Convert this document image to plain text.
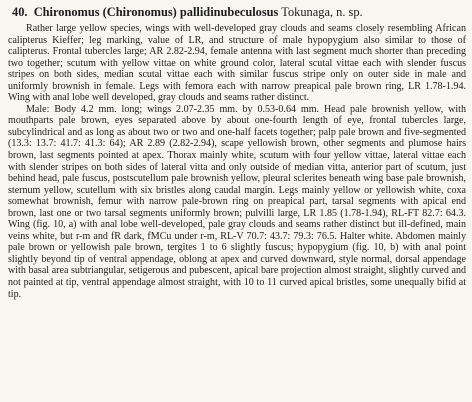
40. Chironomus (Chironomus) pallidinubeculosus Tokunaga, n. sp.

Rather large yellow species, wings with well-developed gray clouds and seams closely resembling African calipterus Kieffer; leg marking, value of LR, and structure of male hypopygium also similar to those of calipterus. Frontal tubercles large; AR 2.82-2.94, female antenna with last segment much shorter than preceding two together; scutum with yellow vittae on white ground color, lateral scutal vittae each with slender fuscus stripes on both sides, median scutal vittae each with similar fuscus stripe only on outer side in male and uniformly brownish in female. Legs with femora each with narrow preapical pale brown ring, LR 1.78-1.94. Wing with anal lobe well developed, gray clouds and seams rather distinct.

Male: Body 4.2 mm. long; wings 2.07-2.35 mm. by 0.53-0.64 mm. Head pale brownish yellow, with mouthparts pale brown, eyes separated above by about one-fourth length of eye, frontal tubercles large, subcylindrical and as long as about two or two and one-half facets together; palp pale brown and five-segmented (13.3: 13.7: 41.7: 41.3: 64); AR 2.89 (2.82-2.94), scape yellowish brown, other segments and plumose hairs brown, last segments pointed at apex. Thorax mainly white, scutum with four yellow vittae, lateral vittae each with slender stripes on both sides of lateral vitta and only outside of median vitta, anterior part of scutum, just behind head, pale fuscus, postscutellum pale brownish yellow, pleural sclerites beneath wing base pale brownish, sternum yellow, scutellum with six bristles along caudal margin. Legs mainly yellow or yellowish white, coxa somewhat brownish, femur with narrow pale-brown ring on preapical part, tarsal segments with apical end brown, last one or two tarsal segments uniformly brown; pulvilli large, LR 1.85 (1.78-1.94), RL-FT 82.7: 64.3. Wing (fig. 10, a) with anal lobe well-developed, pale gray clouds and seams rather distinct but ill-defined, main veins white, but r-m and fR dark, fMCu under r-m, RL-V 70.7: 43.7: 79.3: 76.5. Halter white. Abdomen mainly pale brown or yellowish pale brown, tergites 1 to 6 slightly fuscus; hypopygium (fig. 10, b) with anal point slightly beyond tip of ventral appendage, oblong at apex and curved downward, style normal, dorsal appendage with basal area subtriangular, setigerous and pubescent, apical bare projection almost straight, slightly curved and not painted at tip, ventral appendage almost straight, with 10 to 11 curved apical bristles, some unequally bifid at tip.
